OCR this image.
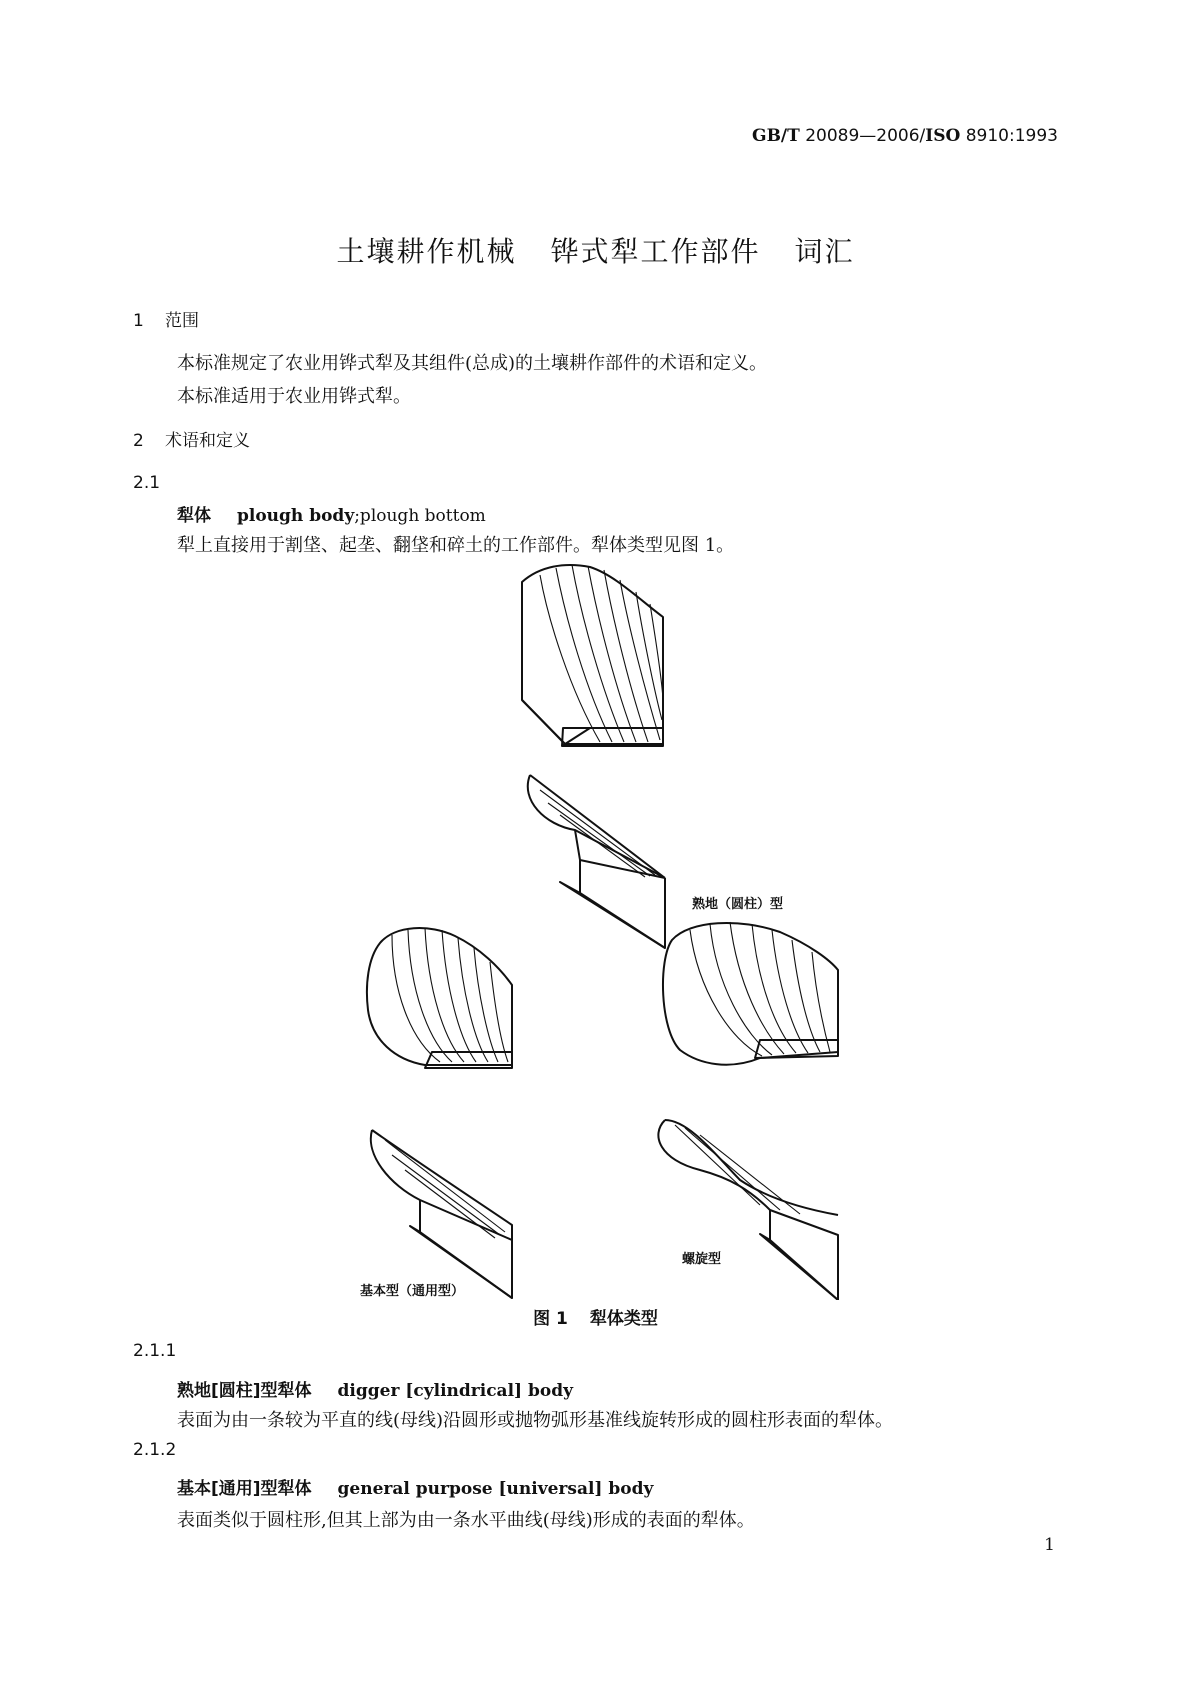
GB/T 20089—2006/ISO 8910:1993
土壤耕作机械 铧式犁工作部件 词汇
1 范围
本标准规定了农业用铧式犁及其组件(总成)的土壤耕作部件的术语和定义。
本标准适用于农业用铧式犁。
2 术语和定义
2.1
犁体 plough body;plough bottom
犁上直接用于割垡、起垄、翻垡和碎土的工作部件。犁体类型见图 1。
熟地（圆柱）型
基本型（通用型）
螺旋型
图 1 犁体类型
2.1.1
熟地[圆柱]型犁体 digger [cylindrical] body
表面为由一条较为平直的线(母线)沿圆形或抛物弧形基准线旋转形成的圆柱形表面的犁体。
2.1.2
基本[通用]型犁体 general purpose [universal] body
表面类似于圆柱形,但其上部为由一条水平曲线(母线)形成的表面的犁体。
1
